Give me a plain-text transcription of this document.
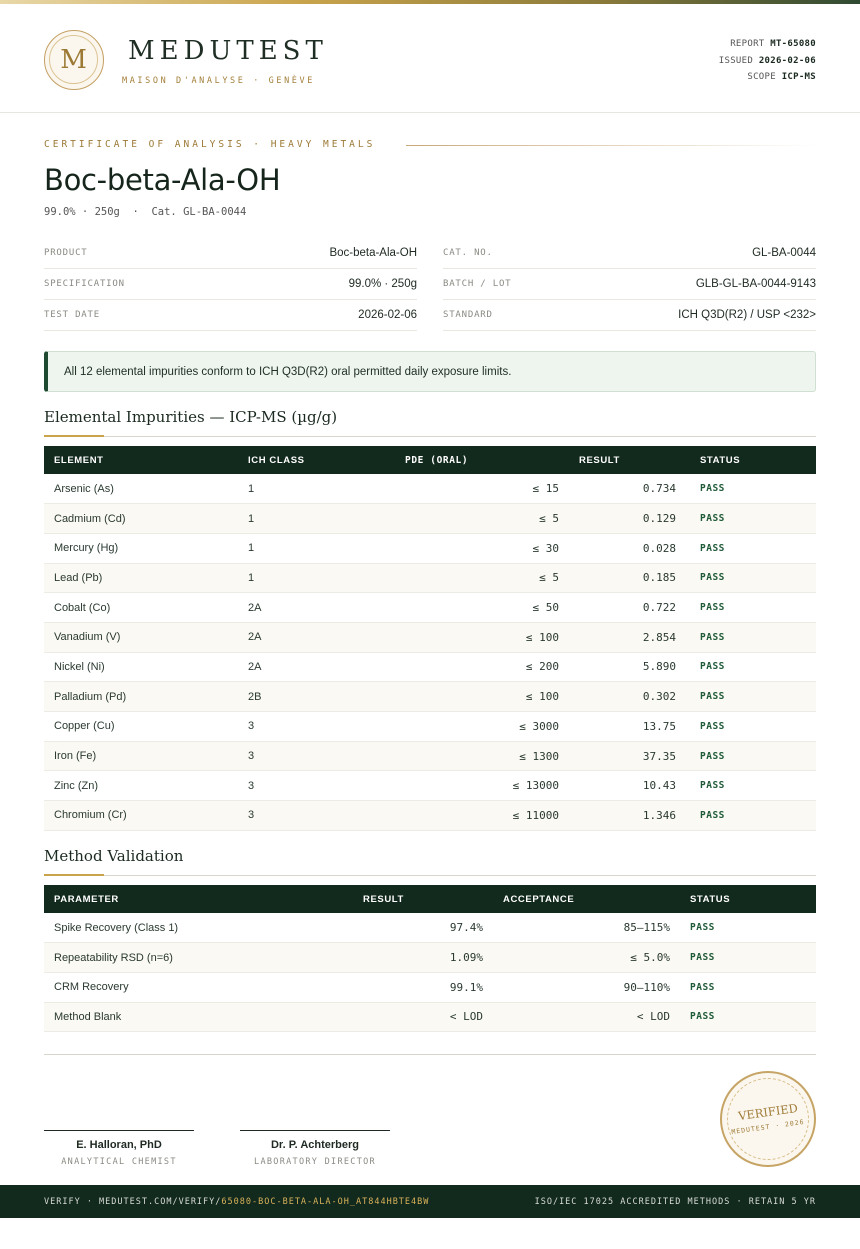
M	MEDUTEST
MAISON D'ANALYSE · GENÈVE
REPORT MT-65080
ISSUED 2026-02-06
SCOPE ICP-MS
CERTIFICATE OF ANALYSIS · HEAVY METALS
Boc-beta-Ala-OH
99.0% · 250g  ·  Cat. GL-BA-0044
PRODUCT	Boc-beta-Ala-OH
SPECIFICATION	99.0% · 250g
TEST DATE	2026-02-06
CAT. NO.	GL-BA-0044
BATCH / LOT	GLB-GL-BA-0044-9143
STANDARD	ICH Q3D(R2) / USP <232>
All 12 elemental impurities conform to ICH Q3D(R2) oral permitted daily exposure limits.
Elemental Impurities — ICP-MS (µg/g)
ELEMENT	ICH CLASS	PDE (ORAL)	RESULT	STATUS
Arsenic (As)	1	≤ 15	0.734	PASS
Cadmium (Cd)	1	≤ 5	0.129	PASS
Mercury (Hg)	1	≤ 30	0.028	PASS
Lead (Pb)	1	≤ 5	0.185	PASS
Cobalt (Co)	2A	≤ 50	0.722	PASS
Vanadium (V)	2A	≤ 100	2.854	PASS
Nickel (Ni)	2A	≤ 200	5.890	PASS
Palladium (Pd)	2B	≤ 100	0.302	PASS
Copper (Cu)	3	≤ 3000	13.75	PASS
Iron (Fe)	3	≤ 1300	37.35	PASS
Zinc (Zn)	3	≤ 13000	10.43	PASS
Chromium (Cr)	3	≤ 11000	1.346	PASS
Method Validation
PARAMETER	RESULT	ACCEPTANCE	STATUS
Spike Recovery (Class 1)	97.4%	85–115%	PASS
Repeatability RSD (n=6)	1.09%	≤ 5.0%	PASS
CRM Recovery	99.1%	90–110%	PASS
Method Blank	< LOD	< LOD	PASS
E. Halloran, PhD
ANALYTICAL CHEMIST
Dr. P. Achterberg
LABORATORY DIRECTOR
VERIFIED
MEDUTEST · 2026
VERIFY · MEDUTEST.COM/VERIFY/65080-BOC-BETA-ALA-OH_AT844HBTE4BW	ISO/IEC 17025 ACCREDITED METHODS · RETAIN 5 YR
